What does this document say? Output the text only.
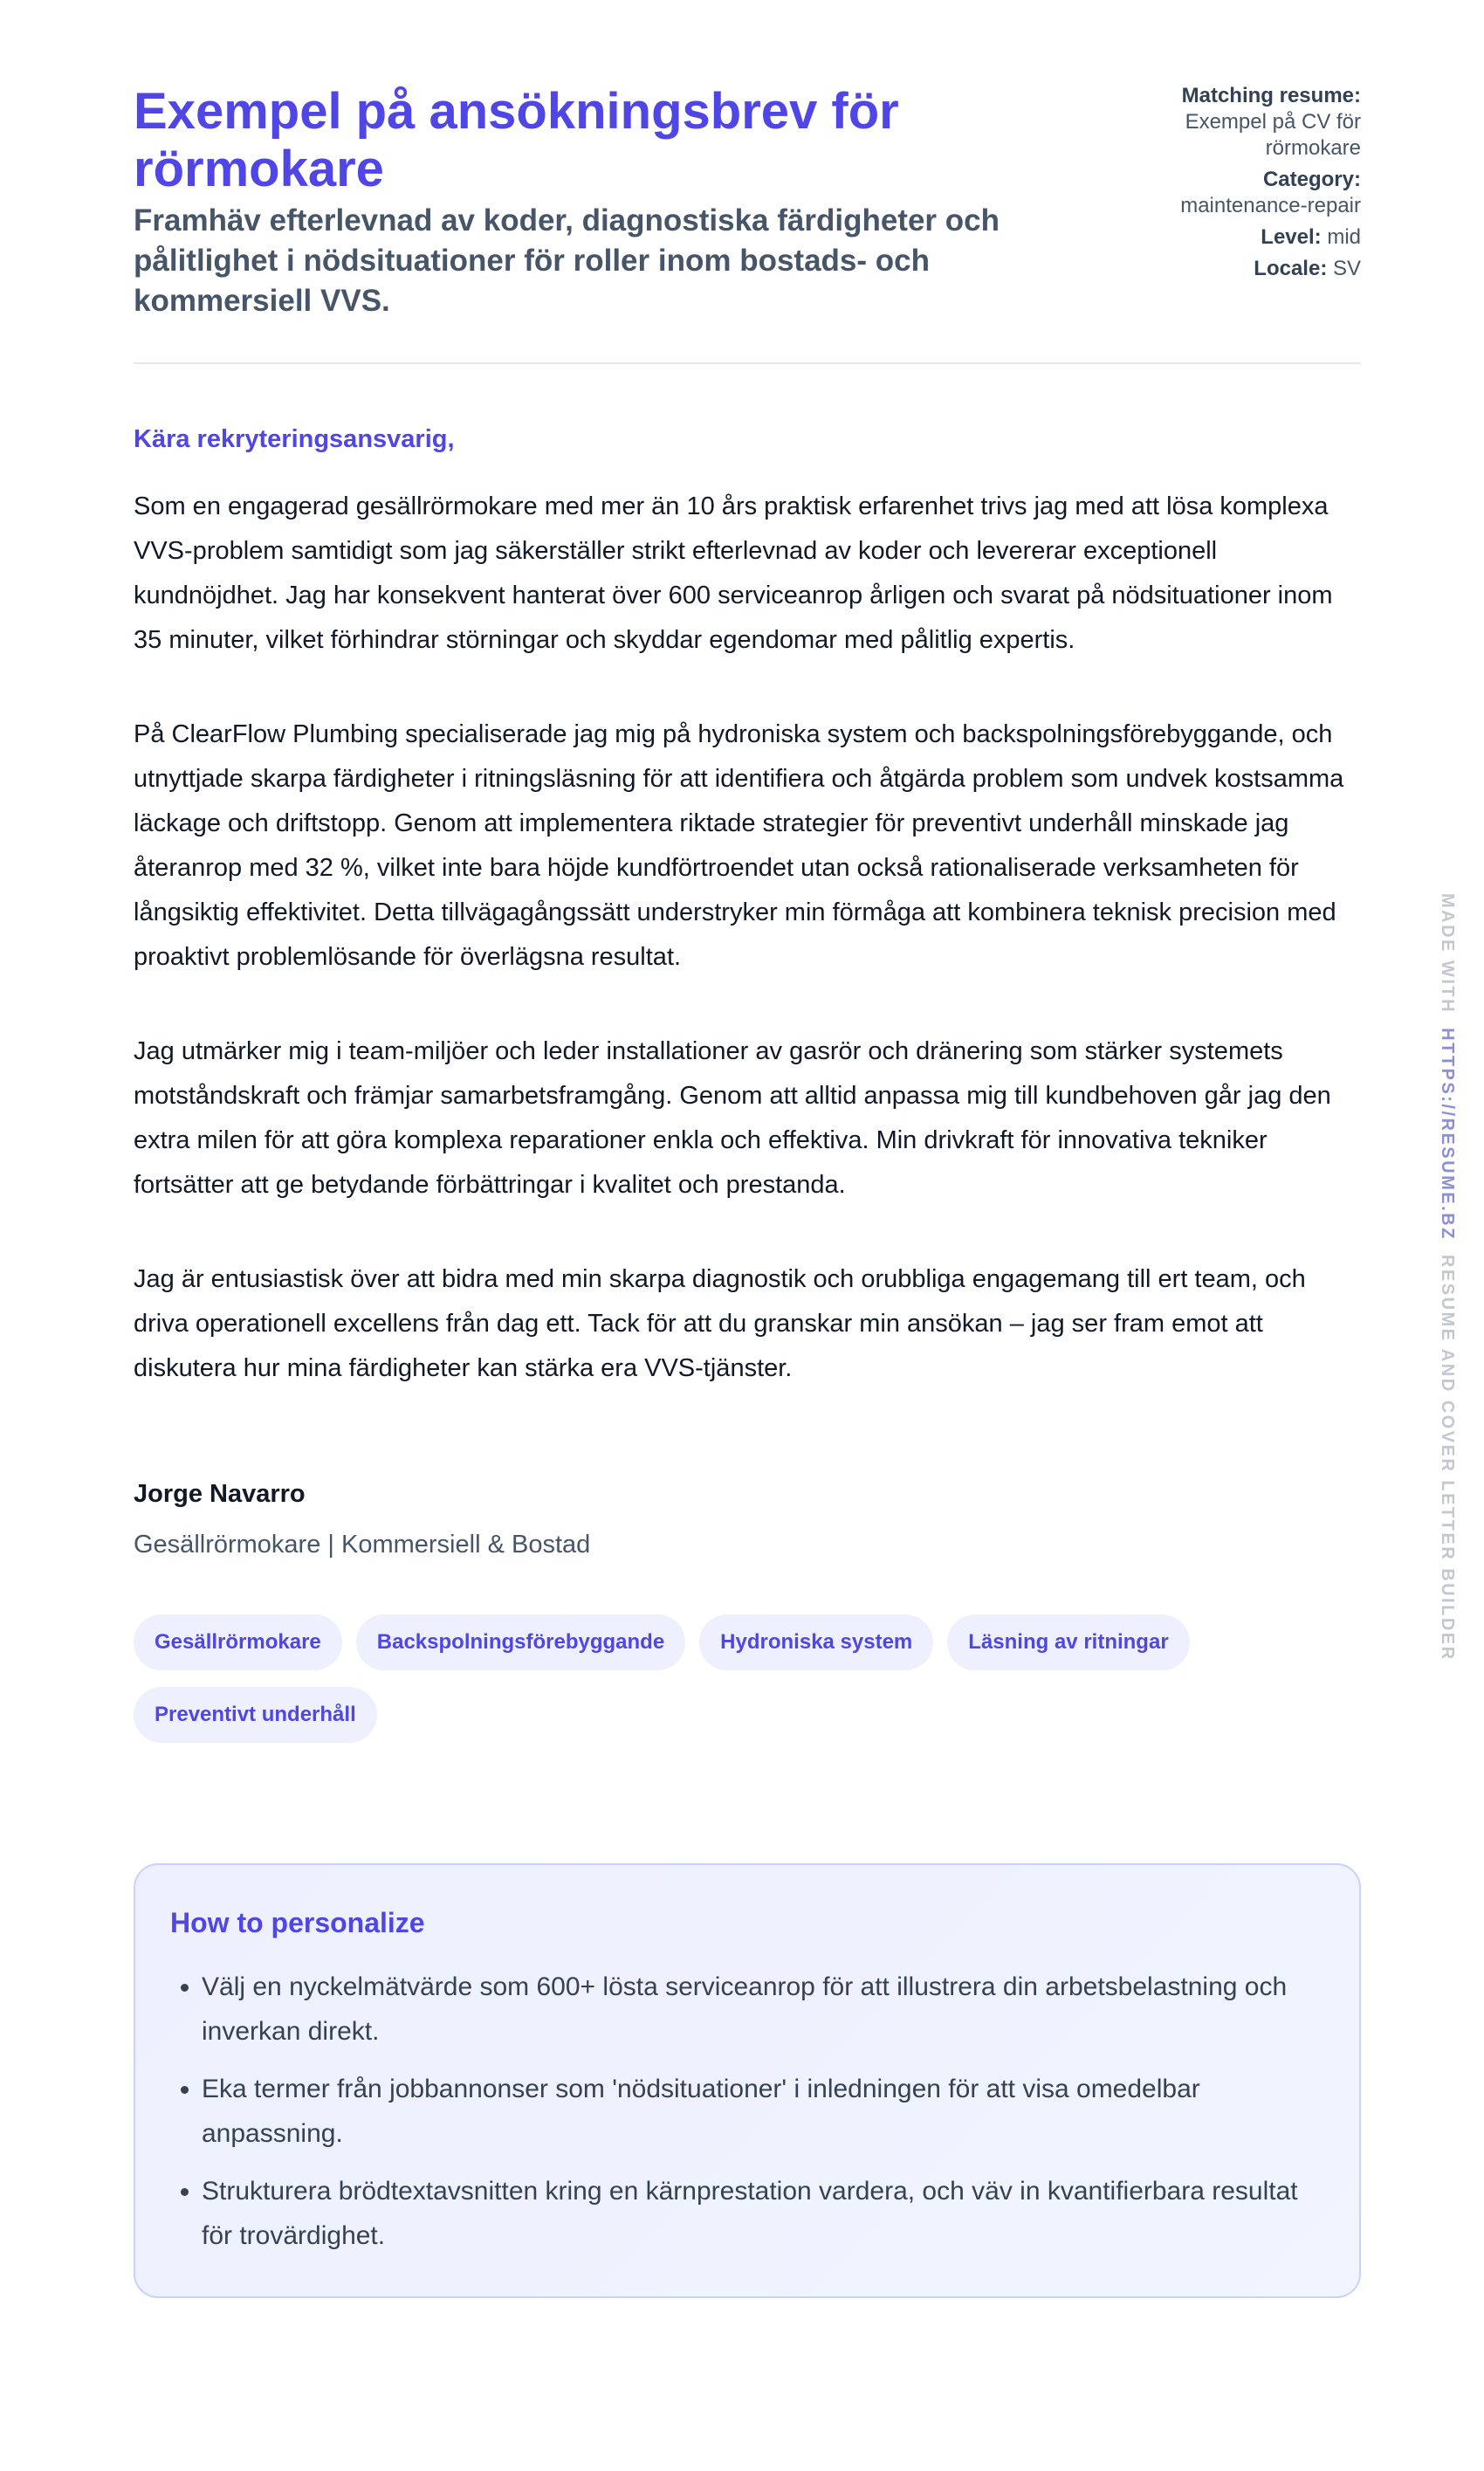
Exempel på ansökningsbrev för rörmokare

Framhäv efterlevnad av koder, diagnostiska färdigheter och pålitlighet i nödsituationer för roller inom bostads- och kommersiell VVS.

Matching resume:
Exempel på CV för rörmokare
Category:
maintenance-repair
Level: mid
Locale: SV

Kära rekryteringsansvarig,

Som en engagerad gesällrörmokare med mer än 10 års praktisk erfarenhet trivs jag med att lösa komplexa VVS-problem samtidigt som jag säkerställer strikt efterlevnad av koder och levererar exceptionell kundnöjdhet. Jag har konsekvent hanterat över 600 serviceanrop årligen och svarat på nödsituationer inom 35 minuter, vilket förhindrar störningar och skyddar egendomar med pålitlig expertis.

På ClearFlow Plumbing specialiserade jag mig på hydroniska system och backspolningsförebyggande, och utnyttjade skarpa färdigheter i ritningsläsning för att identifiera och åtgärda problem som undvek kostsamma läckage och driftstopp. Genom att implementera riktade strategier för preventivt underhåll minskade jag återanrop med 32 %, vilket inte bara höjde kundförtroendet utan också rationaliserade verksamheten för långsiktig effektivitet. Detta tillvägagångssätt understryker min förmåga att kombinera teknisk precision med proaktivt problemlösande för överlägsna resultat.

Jag utmärker mig i team-miljöer och leder installationer av gasrör och dränering som stärker systemets motståndskraft och främjar samarbetsframgång. Genom att alltid anpassa mig till kundbehoven går jag den extra milen för att göra komplexa reparationer enkla och effektiva. Min drivkraft för innovativa tekniker fortsätter att ge betydande förbättringar i kvalitet och prestanda.

Jag är entusiastisk över att bidra med min skarpa diagnostik och orubbliga engagemang till ert team, och driva operationell excellens från dag ett. Tack för att du granskar min ansökan – jag ser fram emot att diskutera hur mina färdigheter kan stärka era VVS-tjänster.

Jorge Navarro

Gesällrörmokare | Kommersiell & Bostad

Gesällrörmokare	Backspolningsförebyggande	Hydroniska system	Läsning av ritningar
Preventivt underhåll
How to personalize
• Välj en nyckelmätvärde som 600+ lösta serviceanrop för att illustrera din arbetsbelastning och inverkan direkt.
• Eka termer från jobbannonser som 'nödsituationer' i inledningen för att visa omedelbar anpassning.
• Strukturera brödtextavsnitten kring en kärnprestation vardera, och väv in kvantifierbara resultat för trovärdighet.
MADE WITH  HTTPS://RESUME.BZ  RESUME AND COVER LETTER BUILDER
